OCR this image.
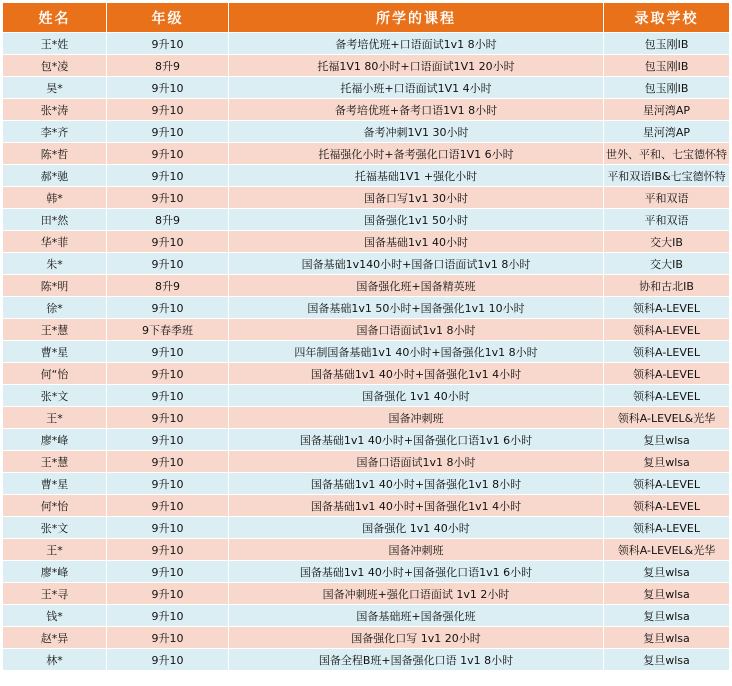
姓名	年级	所学的课程	录取学校
王*姓	9升10	备考培优班+口语面试1v1 8小时	包玉刚IB
包*凌	8升9	托福1V1 80小时+口语面试1V1 20小时	包玉刚IB
昊*	9升10	托福小班+口语面试1V1 4小时	包玉刚IB
张*涛	9升10	备考培优班+备考口语1V1 8小时	星河湾AP
李*齐	9升10	备考冲刺1V1 30小时	星河湾AP
陈*哲	9升10	托福强化小时+备考强化口语1V1 6小时	世外、平和、七宝德怀特
郝*驰	9升10	托福基础1V1 +强化小时	平和双语IB&七宝德怀特
韩*	9升10	国备口写1v1 30小时	平和双语
田*然	8升9	国备强化1v1 50小时	平和双语
华*菲	9升10	国备基础1v1 40小时	交大IB
朱*	9升10	国备基础1v140小时+国备口语面试1v1 8小时	交大IB
陈*明	8升9	国备强化班+国备精英班	协和古北IB
徐*	9升10	国备基础1v1 50小时+国备强化1v1 10小时	领科A-LEVEL
王*慧	9下春季班	国备口语面试1v1 8小时	领科A-LEVEL
曹*星	9升10	四年制国备基础1v1 40小时+国备强化1v1 8小时	领科A-LEVEL
何“怡	9升10	国备基础1v1 40小时+国备强化1v1 4小时	领科A-LEVEL
张*文	9升10	国备强化 1v1 40小时	领科A-LEVEL
王*	9升10	国备冲刺班	领科A-LEVEL&光华
廖*峰	9升10	国备基础1v1 40小时+国备强化口语1v1 6小时	复旦wlsa
王*慧	9升10	国备口语面试1v1 8小时	复旦wlsa
曹*星	9升10	国备基础1v1 40小时+国备强化1v1 8小时	领科A-LEVEL
何*怡	9升10	国备基础1v1 40小时+国备强化1v1 4小时	领科A-LEVEL
张*文	9升10	国备强化 1v1 40小时	领科A-LEVEL
王*	9升10	国备冲刺班	领科A-LEVEL&光华
廖*峰	9升10	国备基础1v1 40小时+国备强化口语1v1 6小时	复旦wlsa
王*寻	9升10	国备冲刺班+强化口语面试 1v1 2小时	复旦wlsa
钱*	9升10	国备基础班+国备强化班	复旦wlsa
赵*异	9升10	国备强化口写 1v1 20小时	复旦wlsa
林*	9升10	国备全程B班+国备强化口语 1v1 8小时	复旦wlsa
